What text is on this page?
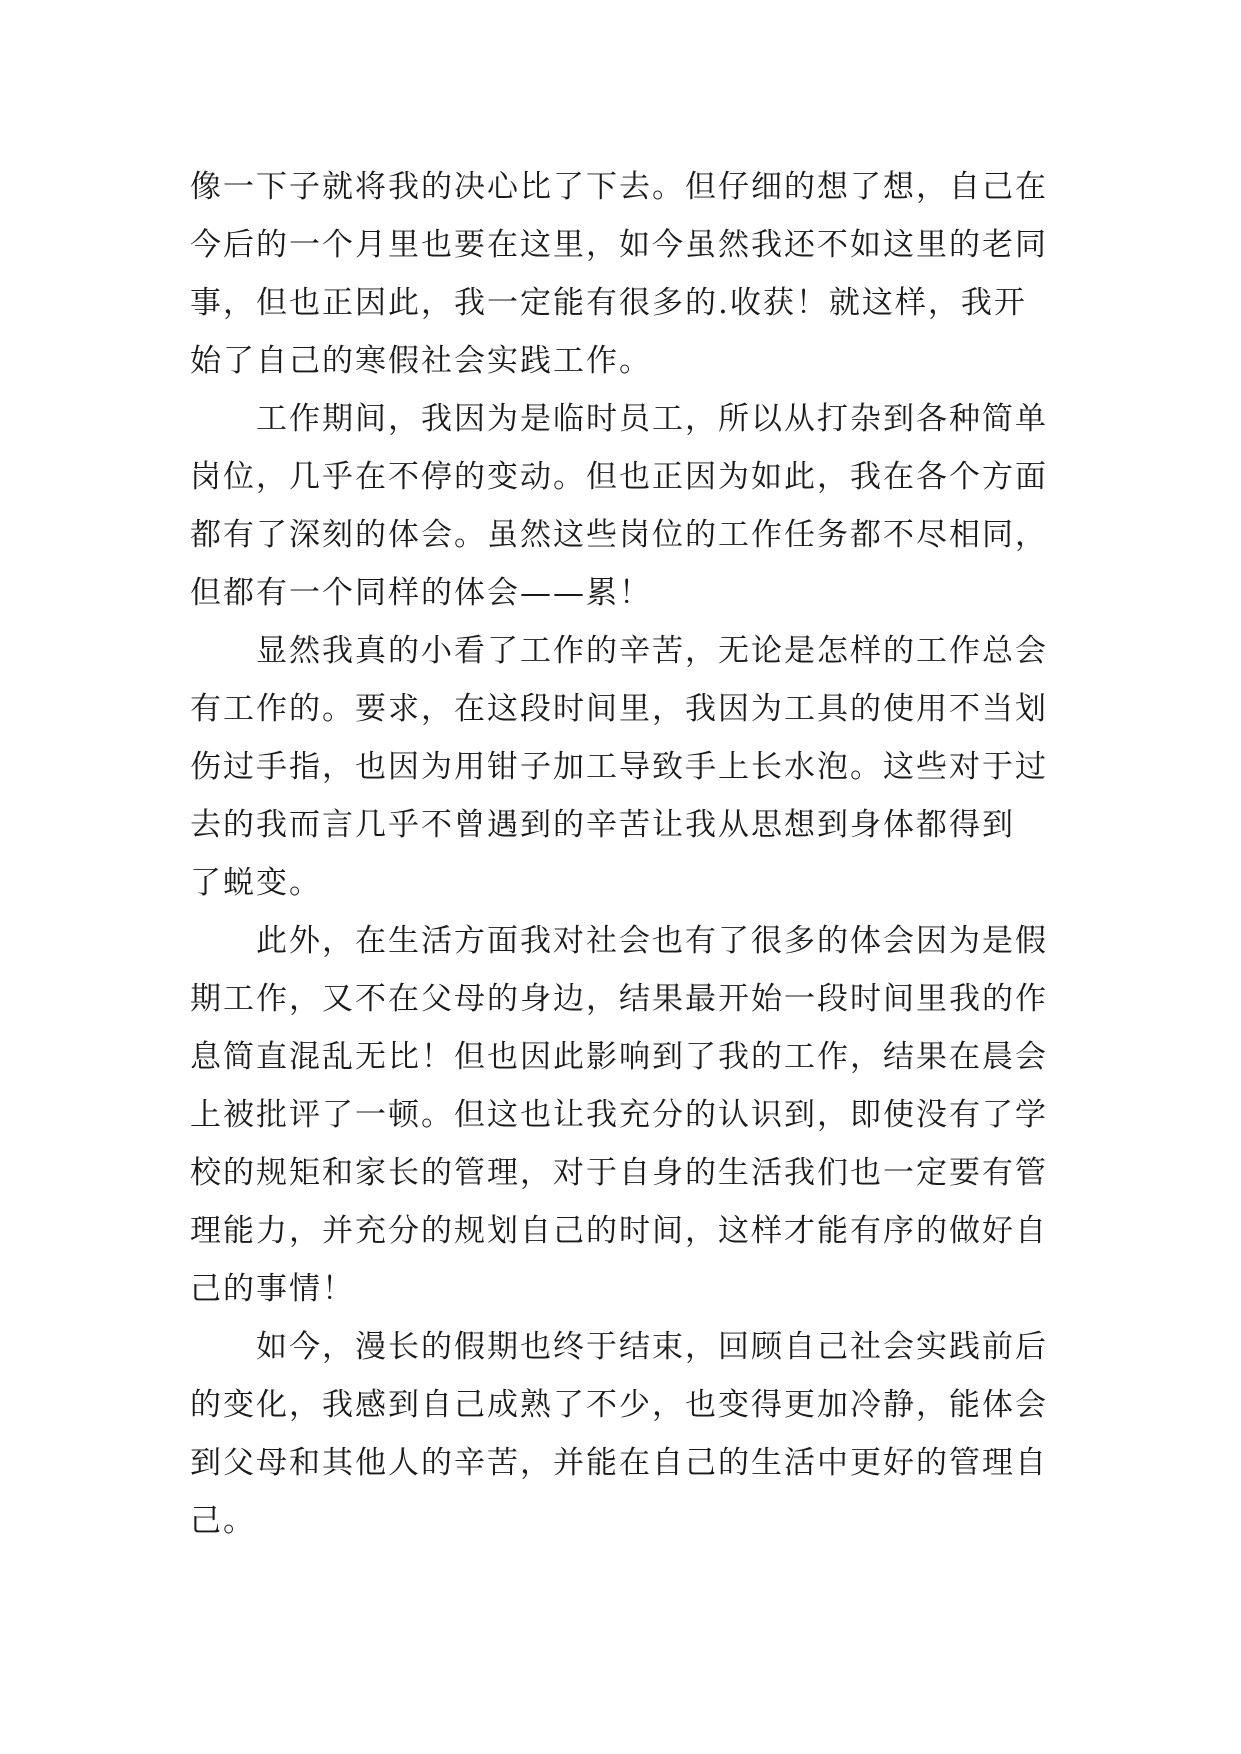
像一下子就将我的决心比了下去。但仔细的想了想，自己在
今后的一个月里也要在这里，如今虽然我还不如这里的老同
事，但也正因此，我一定能有很多的.收获！就这样，我开
始了自己的寒假社会实践工作。

工作期间，我因为是临时员工，所以从打杂到各种简单
岗位，几乎在不停的变动。但也正因为如此，我在各个方面
都有了深刻的体会。虽然这些岗位的工作任务都不尽相同，
但都有一个同样的体会——累！

显然我真的小看了工作的辛苦，无论是怎样的工作总会
有工作的。要求，在这段时间里，我因为工具的使用不当划
伤过手指，也因为用钳子加工导致手上长水泡。这些对于过
去的我而言几乎不曾遇到的辛苦让我从思想到身体都得到
了蜕变。

此外，在生活方面我对社会也有了很多的体会因为是假
期工作，又不在父母的身边，结果最开始一段时间里我的作
息简直混乱无比！但也因此影响到了我的工作，结果在晨会
上被批评了一顿。但这也让我充分的认识到，即使没有了学
校的规矩和家长的管理，对于自身的生活我们也一定要有管
理能力，并充分的规划自己的时间，这样才能有序的做好自
己的事情！

如今，漫长的假期也终于结束，回顾自己社会实践前后
的变化，我感到自己成熟了不少，也变得更加冷静，能体会
到父母和其他人的辛苦，并能在自己的生活中更好的管理自
己。
